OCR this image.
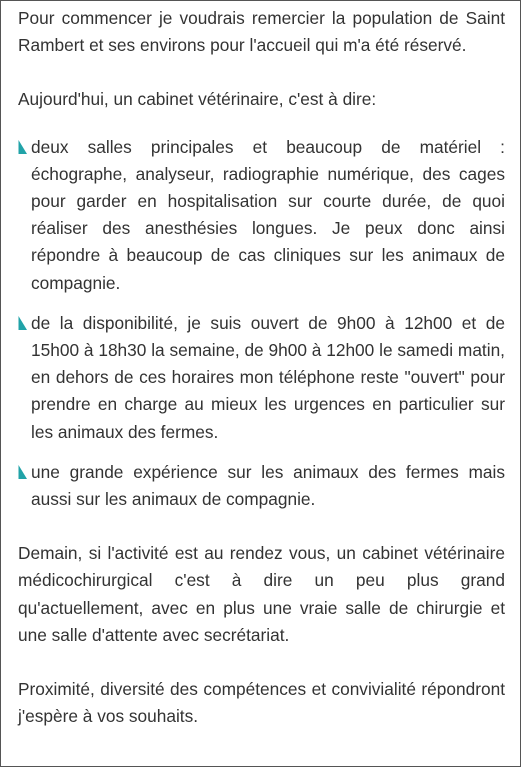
Pour commencer je voudrais remercier la population de Saint Rambert et ses environs pour l'accueil qui m'a été réservé.

Aujourd'hui, un cabinet vétérinaire, c'est à dire:

deux salles principales et beaucoup de matériel : échographe, analyseur, radiographie numérique, des cages pour garder en hospitalisation sur courte durée, de quoi réaliser des anesthésies longues. Je peux donc ainsi répondre à beaucoup de cas cliniques sur les animaux de compagnie.
de la disponibilité, je suis ouvert de 9h00 à 12h00 et de 15h00 à 18h30 la semaine, de 9h00 à 12h00 le samedi matin, en dehors de ces horaires mon téléphone reste "ouvert" pour prendre en charge au mieux les urgences en particulier sur les animaux des fermes.
une grande expérience sur les animaux des fermes mais aussi sur les animaux de compagnie.

Demain, si l'activité est au rendez vous, un cabinet vétérinaire médicochirurgical c'est à dire un peu plus grand qu'actuellement, avec en plus une vraie salle de chirurgie et une salle d'attente avec secrétariat.

Proximité, diversité des compétences et convivialité répondront j'espère à vos souhaits.
